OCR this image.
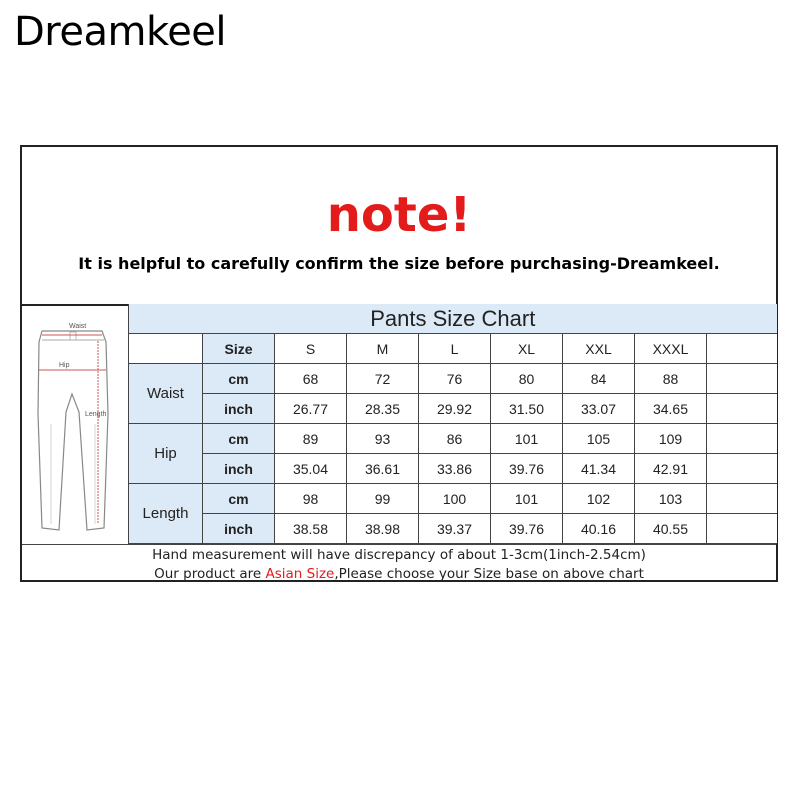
Dreamkeel
note!
It is helpful to carefully confirm the size before purchasing-Dreamkeel.
Waist
Hip
Length
Pants Size Chart								
	Size	S	M	L	XL	XXL	XXXL	
Waist	cm	68	72	76	80	84	88	
	inch	26.77	28.35	29.92	31.50	33.07	34.65	
Hip	cm	89	93	86	101	105	109	
	inch	35.04	36.61	33.86	39.76	41.34	42.91	
Length	cm	98	99	100	101	102	103	
	inch	38.58	38.98	39.37	39.76	40.16	40.55	
Hand measurement will have discrepancy of about 1-3cm(1inch-2.54cm)
Our product are Asian Size,Please choose your Size base on above chart
